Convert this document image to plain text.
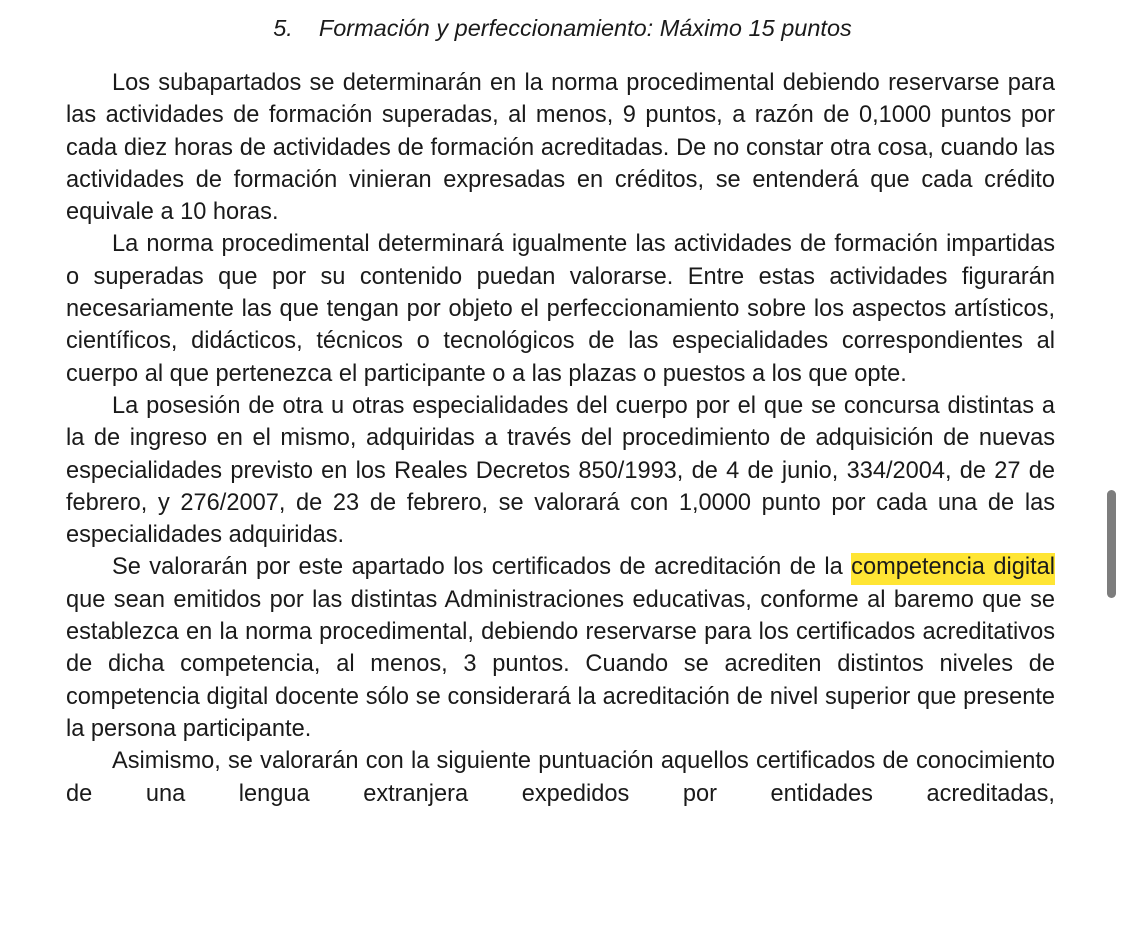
5. Formación y perfeccionamiento: Máximo 15 puntos

Los subapartados se determinarán en la norma procedimental debiendo reservarse para las actividades de formación superadas, al menos, 9 puntos, a razón de 0,1000 puntos por cada diez horas de actividades de formación acreditadas. De no constar otra cosa, cuando las actividades de formación vinieran expresadas en créditos, se entenderá que cada crédito equivale a 10 horas.

La norma procedimental determinará igualmente las actividades de formación impartidas o superadas que por su contenido puedan valorarse. Entre estas actividades figurarán necesariamente las que tengan por objeto el perfeccionamiento sobre los aspectos artísticos, científicos, didácticos, técnicos o tecnológicos de las especialidades correspondientes al cuerpo al que pertenezca el participante o a las plazas o puestos a los que opte.

La posesión de otra u otras especialidades del cuerpo por el que se concursa distintas a la de ingreso en el mismo, adquiridas a través del procedimiento de adquisición de nuevas especialidades previsto en los Reales Decretos 850/1993, de 4 de junio, 334/2004, de 27 de febrero, y 276/2007, de 23 de febrero, se valorará con 1,0000 punto por cada una de las especialidades adquiridas.

Se valorarán por este apartado los certificados de acreditación de la competencia digital que sean emitidos por las distintas Administraciones educativas, conforme al baremo que se establezca en la norma procedimental, debiendo reservarse para los certificados acreditativos de dicha competencia, al menos, 3 puntos. Cuando se acrediten distintos niveles de competencia digital docente sólo se considerará la acreditación de nivel superior que presente la persona participante.

Asimismo, se valorarán con la siguiente puntuación aquellos certificados de conocimiento de una lengua extranjera expedidos por entidades acreditadas,
